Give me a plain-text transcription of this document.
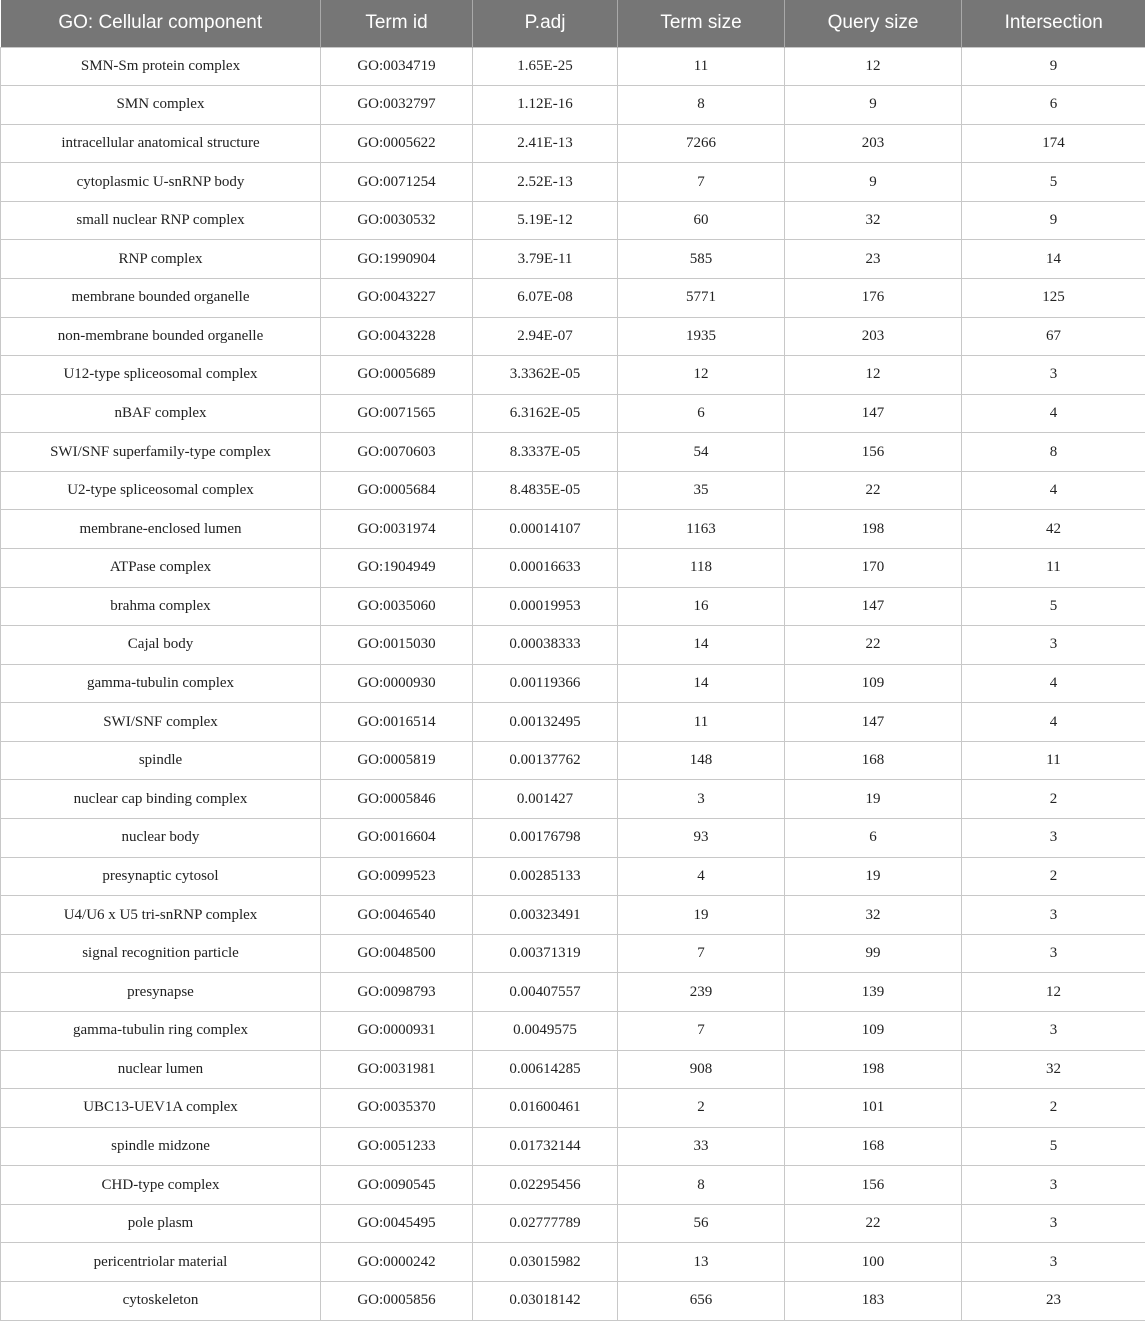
GO: Cellular component	Term id	P.adj	Term size	Query size	Intersection
SMN-Sm protein complex	GO:0034719	1.65E-25	11	12	9
SMN complex	GO:0032797	1.12E-16	8	9	6
intracellular anatomical structure	GO:0005622	2.41E-13	7266	203	174
cytoplasmic U-snRNP body	GO:0071254	2.52E-13	7	9	5
small nuclear RNP complex	GO:0030532	5.19E-12	60	32	9
RNP complex	GO:1990904	3.79E-11	585	23	14
membrane bounded organelle	GO:0043227	6.07E-08	5771	176	125
non-membrane bounded organelle	GO:0043228	2.94E-07	1935	203	67
U12-type spliceosomal complex	GO:0005689	3.3362E-05	12	12	3
nBAF complex	GO:0071565	6.3162E-05	6	147	4
SWI/SNF superfamily-type complex	GO:0070603	8.3337E-05	54	156	8
U2-type spliceosomal complex	GO:0005684	8.4835E-05	35	22	4
membrane-enclosed lumen	GO:0031974	0.00014107	1163	198	42
ATPase complex	GO:1904949	0.00016633	118	170	11
brahma complex	GO:0035060	0.00019953	16	147	5
Cajal body	GO:0015030	0.00038333	14	22	3
gamma-tubulin complex	GO:0000930	0.00119366	14	109	4
SWI/SNF complex	GO:0016514	0.00132495	11	147	4
spindle	GO:0005819	0.00137762	148	168	11
nuclear cap binding complex	GO:0005846	0.001427	3	19	2
nuclear body	GO:0016604	0.00176798	93	6	3
presynaptic cytosol	GO:0099523	0.00285133	4	19	2
U4/U6 x U5 tri-snRNP complex	GO:0046540	0.00323491	19	32	3
signal recognition particle	GO:0048500	0.00371319	7	99	3
presynapse	GO:0098793	0.00407557	239	139	12
gamma-tubulin ring complex	GO:0000931	0.0049575	7	109	3
nuclear lumen	GO:0031981	0.00614285	908	198	32
UBC13-UEV1A complex	GO:0035370	0.01600461	2	101	2
spindle midzone	GO:0051233	0.01732144	33	168	5
CHD-type complex	GO:0090545	0.02295456	8	156	3
pole plasm	GO:0045495	0.02777789	56	22	3
pericentriolar material	GO:0000242	0.03015982	13	100	3
cytoskeleton	GO:0005856	0.03018142	656	183	23
